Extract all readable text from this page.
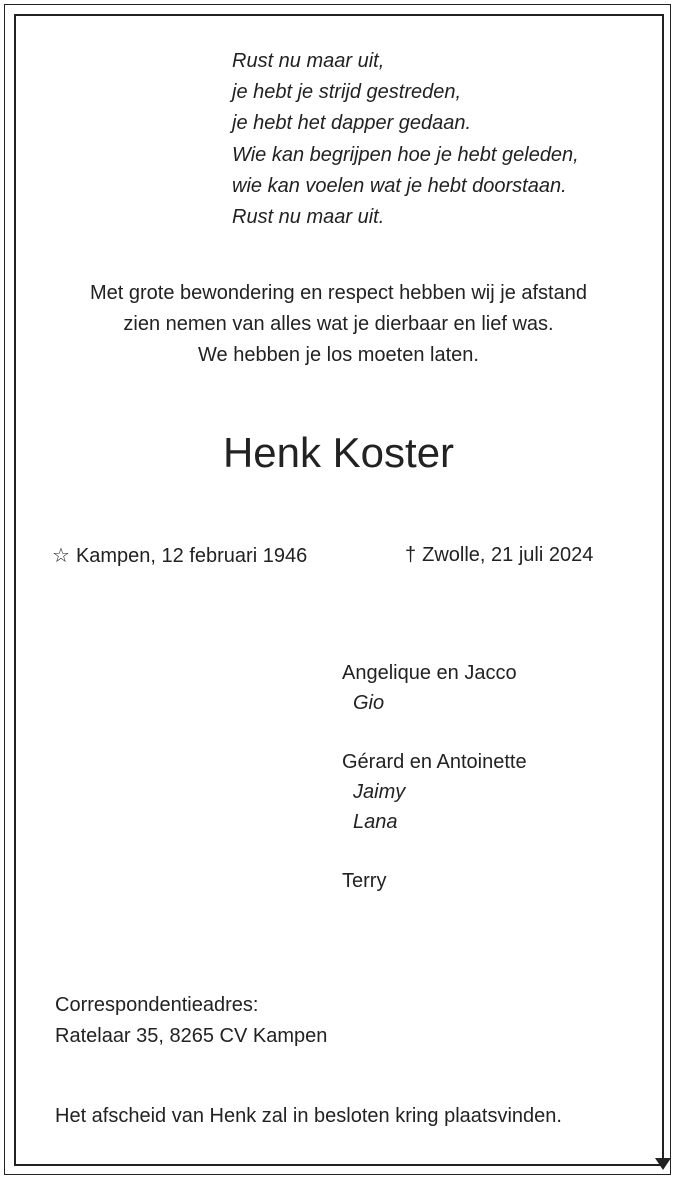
Rust nu maar uit,
je hebt je strijd gestreden,
je hebt het dapper gedaan.
Wie kan begrijpen hoe je hebt geleden,
wie kan voelen wat je hebt doorstaan.
Rust nu maar uit.
Met grote bewondering en respect hebben wij je afstand
zien nemen van alles wat je dierbaar en lief was.
We hebben je los moeten laten.
Henk Koster
☆ Kampen, 12 februari 1946	† Zwolle, 21 juli 2024
Angelique en Jacco
Gio
Gérard en Antoinette
Jaimy
Lana
Terry
Correspondentieadres:
Ratelaar 35, 8265 CV Kampen
Het afscheid van Henk zal in besloten kring plaatsvinden.
